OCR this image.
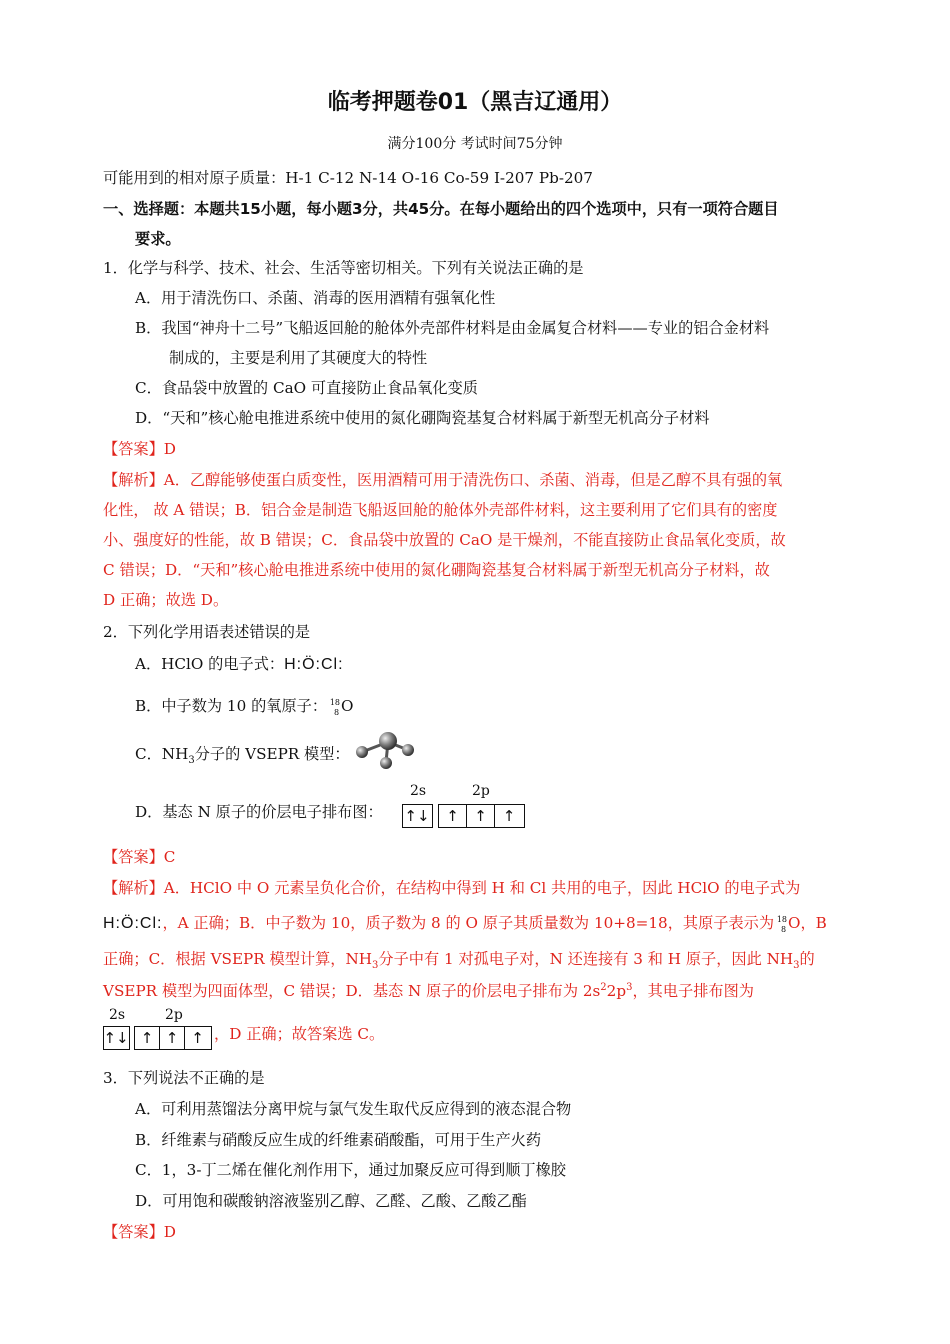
临考押题卷01（黑吉辽通用）
满分100分 考试时间75分钟
可能用到的相对原子质量：H-1 C-12 N-14 O-16 Co-59 I-207 Pb-207
一、选择题：本题共15小题，每小题3分，共45分。在每小题给出的四个选项中，只有一项符合题目
要求。
1．化学与科学、技术、社会、生活等密切相关。下列有关说法正确的是
A．用于清洗伤口、杀菌、消毒的医用酒精有强氧化性
B．我国“神舟十二号”飞船返回舱的舱体外壳部件材料是由金属复合材料——专业的铝合金材料
制成的，主要是利用了其硬度大的特性
C．食品袋中放置的 CaO 可直接防止食品氧化变质
D．“天和”核心舱电推进系统中使用的氮化硼陶瓷基复合材料属于新型无机高分子材料
【答案】D
【解析】A．乙醇能够使蛋白质变性，医用酒精可用于清洗伤口、杀菌、消毒，但是乙醇不具有强的氧
化性， 故 A 错误；B．铝合金是制造飞船返回舱的舱体外壳部件材料，这主要利用了它们具有的密度
小、强度好的性能，故 B 错误；C．食品袋中放置的 CaO 是干燥剂，不能直接防止食品氧化变质，故
C 错误；D．“天和”核心舱电推进系统中使用的氮化硼陶瓷基复合材料属于新型无机高分子材料，故
D 正确；故选 D。
2．下列化学用语表述错误的是
A．HClO 的电子式：H:Ö:Cl:
B．中子数为 10 的氧原子： 18
8 O
C．$NH_3$分子的 VSEPR 模型：
D．基态 N 原子的价层电子排布图：
2s	2p
↑↓	↑	↑	↑
【答案】C
【解析】A．HClO 中 O 元素呈负化合价，在结构中得到 H 和 Cl 共用的电子，因此 HClO 的电子式为
H:Ö:Cl:，A 正确；B．中子数为 10，质子数为 8 的 O 原子其质量数为 10+8=18，其原子表示为 18
8 O，B
正确；C．根据 VSEPR 模型计算，$NH_3$分子中有 1 对孤电子对，N 还连接有 3 和 H 原子，因此 $NH_3$的
VSEPR 模型为四面体型，C 错误；D．基态 N 原子的价层电子排布为 $2s^22p^3$，其电子排布图为
2s	2p
↑↓ ↑ ↑ ↑ ，D 正确；故答案选 C。
3．下列说法不正确的是
A．可利用蒸馏法分离甲烷与氯气发生取代反应得到的液态混合物
B．纤维素与硝酸反应生成的纤维素硝酸酯，可用于生产火药
C．1，3-丁二烯在催化剂作用下，通过加聚反应可得到顺丁橡胶
D．可用饱和碳酸钠溶液鉴别乙醇、乙醛、乙酸、乙酸乙酯
【答案】D
